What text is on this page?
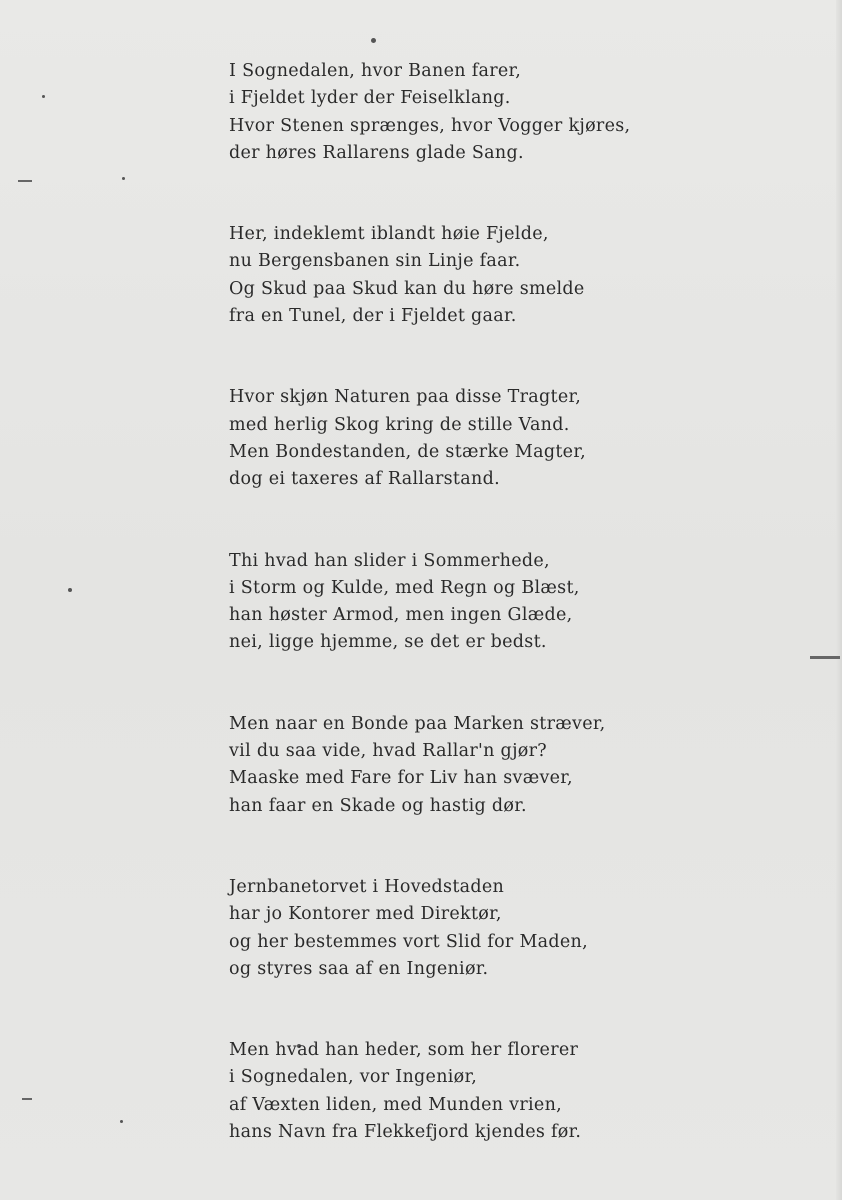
I Sognedalen, hvor Banen farer,
i Fjeldet lyder der Feiselklang.
Hvor Stenen sprænges, hvor Vogger kjøres,
der høres Rallarens glade Sang.

Her, indeklemt iblandt høie Fjelde,
nu Bergensbanen sin Linje faar.
Og Skud paa Skud kan du høre smelde
fra en Tunel, der i Fjeldet gaar.

Hvor skjøn Naturen paa disse Tragter,
med herlig Skog kring de stille Vand.
Men Bondestanden, de stærke Magter,
dog ei taxeres af Rallarstand.

Thi hvad han slider i Sommerhede,
i Storm og Kulde, med Regn og Blæst,
han høster Armod, men ingen Glæde,
nei, ligge hjemme, se det er bedst.

Men naar en Bonde paa Marken stræver,
vil du saa vide, hvad Rallar'n gjør?
Maaske med Fare for Liv han svæver,
han faar en Skade og hastig dør.

Jernbanetorvet i Hovedstaden
har jo Kontorer med Direktør,
og her bestemmes vort Slid for Maden,
og styres saa af en Ingeniør.

Men hvad han heder, som her florerer
i Sognedalen, vor Ingeniør,
af Væxten liden, med Munden vrien,
hans Navn fra Flekkefjord kjendes før.
